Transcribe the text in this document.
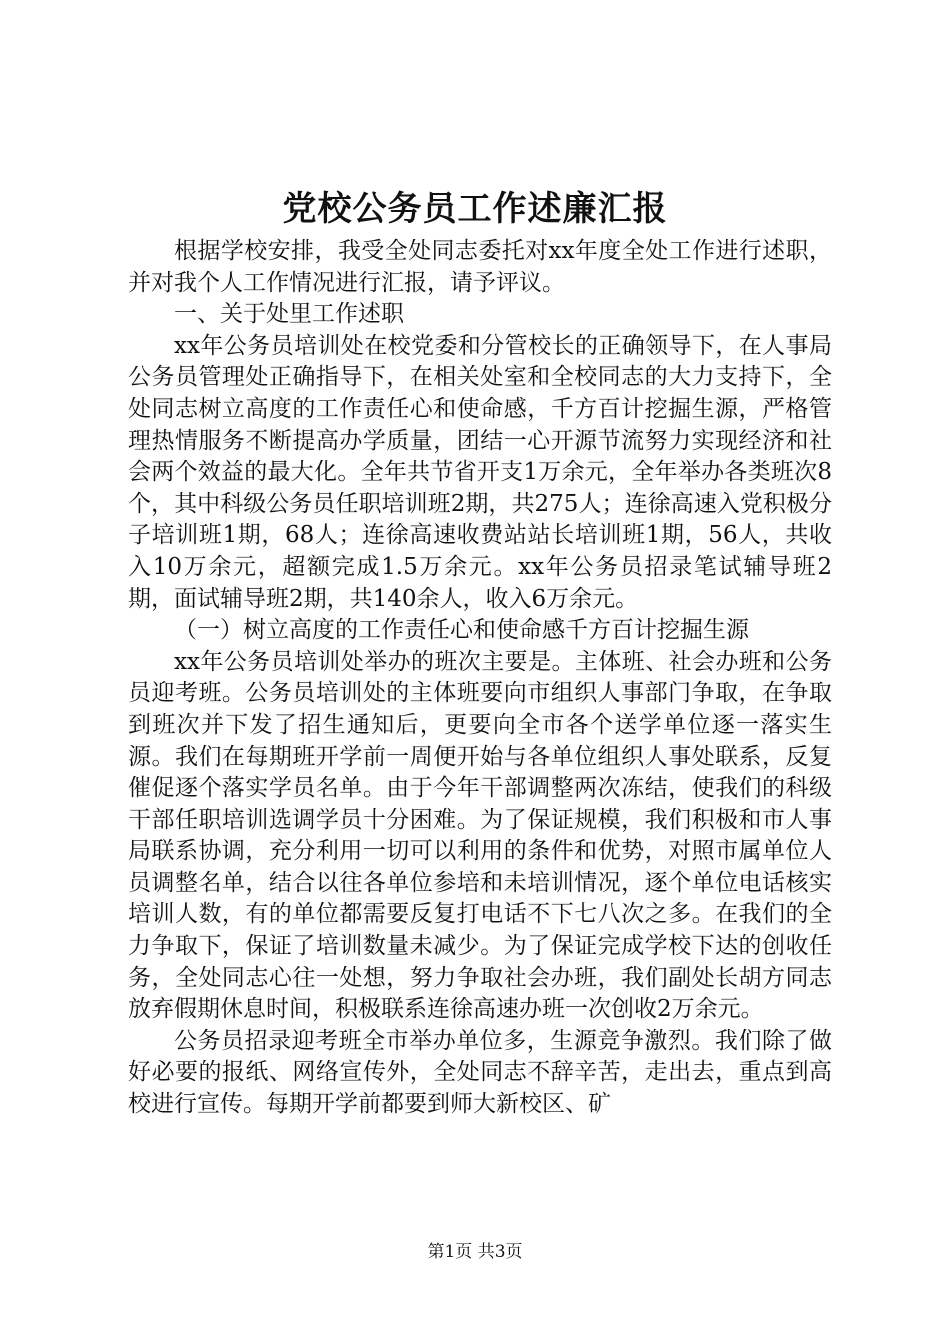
党校公务员工作述廉汇报

根据学校安排，我受全处同志委托对xx年度全处工作进行述职，并对我个人工作情况进行汇报，请予评议。

一、关于处里工作述职

xx年公务员培训处在校党委和分管校长的正确领导下，在人事局公务员管理处正确指导下，在相关处室和全校同志的大力支持下，全处同志树立高度的工作责任心和使命感，千方百计挖掘生源，严格管理热情服务不断提高办学质量，团结一心开源节流努力实现经济和社会两个效益的最大化。全年共节省开支1万余元，全年举办各类班次8个，其中科级公务员任职培训班2期，共275人；连徐高速入党积极分子培训班1期，68人；连徐高速收费站站长培训班1期，56人，共收入10万余元，超额完成1.5万余元。xx年公务员招录笔试辅导班2期，面试辅导班2期，共140余人，收入6万余元。

（一）树立高度的工作责任心和使命感千方百计挖掘生源

xx年公务员培训处举办的班次主要是。主体班、社会办班和公务员迎考班。公务员培训处的主体班要向市组织人事部门争取，在争取到班次并下发了招生通知后，更要向全市各个送学单位逐一落实生源。我们在每期班开学前一周便开始与各单位组织人事处联系，反复催促逐个落实学员名单。由于今年干部调整两次冻结，使我们的科级干部任职培训选调学员十分困难。为了保证规模，我们积极和市人事局联系协调，充分利用一切可以利用的条件和优势，对照市属单位人员调整名单，结合以往各单位参培和未培训情况，逐个单位电话核实培训人数，有的单位都需要反复打电话不下七八次之多。在我们的全力争取下，保证了培训数量未减少。为了保证完成学校下达的创收任务，全处同志心往一处想，努力争取社会办班，我们副处长胡方同志放弃假期休息时间，积极联系连徐高速办班一次创收2万余元。

公务员招录迎考班全市举办单位多，生源竞争激烈。我们除了做好必要的报纸、网络宣传外，全处同志不辞辛苦，走出去，重点到高校进行宣传。每期开学前都要到师大新校区、矿

第1页 共3页
